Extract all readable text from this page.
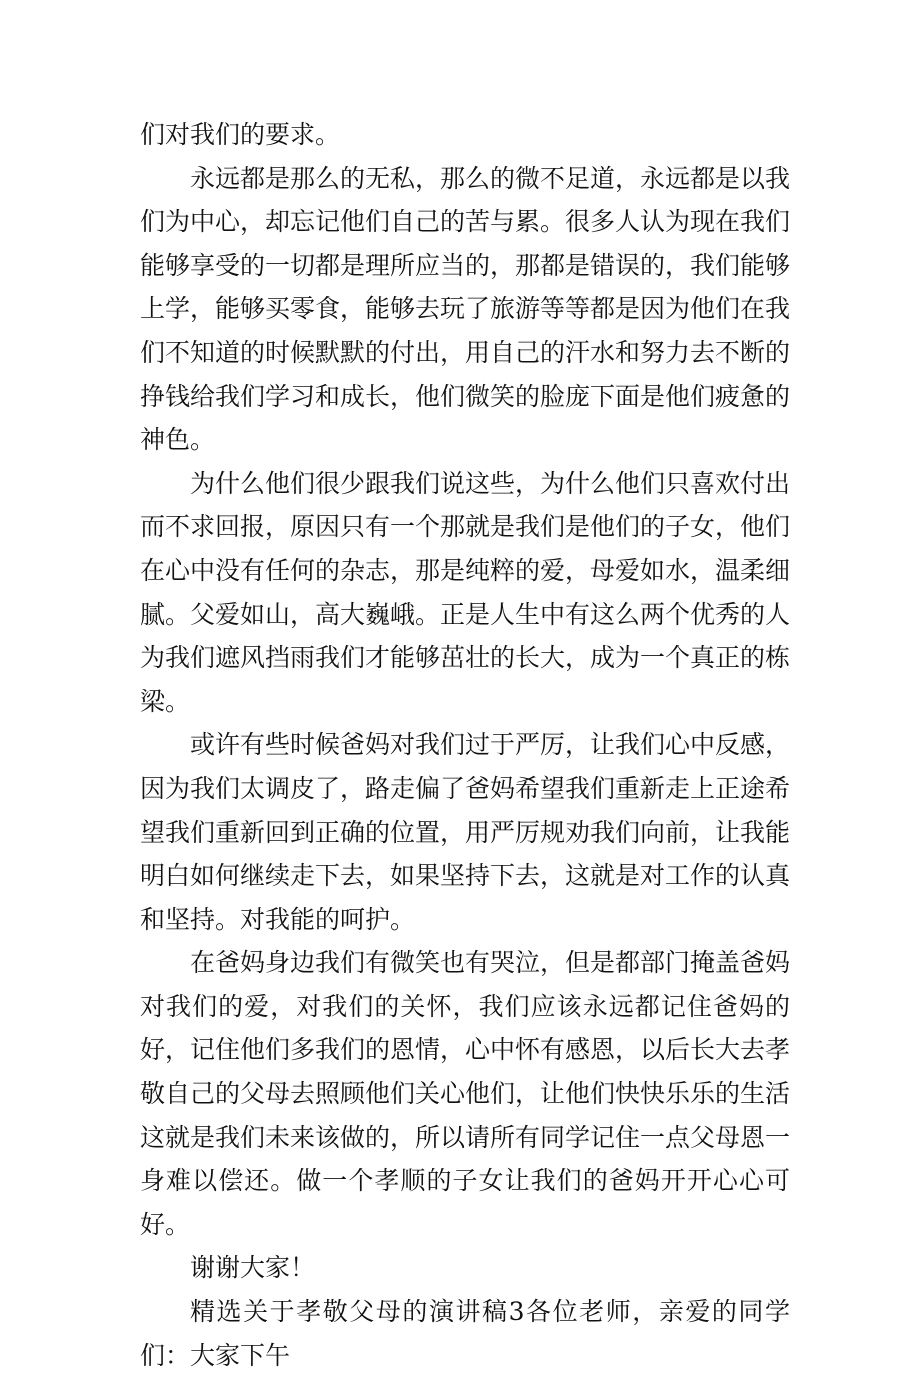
们对我们的要求。

永远都是那么的无私，那么的微不足道，永远都是以我们为中心，却忘记他们自己的苦与累。很多人认为现在我们能够享受的一切都是理所应当的，那都是错误的，我们能够上学，能够买零食，能够去玩了旅游等等都是因为他们在我们不知道的时候默默的付出，用自己的汗水和努力去不断的挣钱给我们学习和成长，他们微笑的脸庞下面是他们疲惫的神色。

为什么他们很少跟我们说这些，为什么他们只喜欢付出而不求回报，原因只有一个那就是我们是他们的子女，他们在心中没有任何的杂志，那是纯粹的爱，母爱如水，温柔细腻。父爱如山，高大巍峨。正是人生中有这么两个优秀的人为我们遮风挡雨我们才能够茁壮的长大，成为一个真正的栋梁。

或许有些时候爸妈对我们过于严厉，让我们心中反感，因为我们太调皮了，路走偏了爸妈希望我们重新走上正途希望我们重新回到正确的位置，用严厉规劝我们向前，让我能明白如何继续走下去，如果坚持下去，这就是对工作的认真和坚持。对我能的呵护。

在爸妈身边我们有微笑也有哭泣，但是都部门掩盖爸妈对我们的爱，对我们的关怀，我们应该永远都记住爸妈的好，记住他们多我们的恩情，心中怀有感恩，以后长大去孝敬自己的父母去照顾他们关心他们，让他们快快乐乐的生活这就是我们未来该做的，所以请所有同学记住一点父母恩一身难以偿还。做一个孝顺的子女让我们的爸妈开开心心可好。

谢谢大家！

精选关于孝敬父母的演讲稿3各位老师，亲爱的同学们：大家下午
